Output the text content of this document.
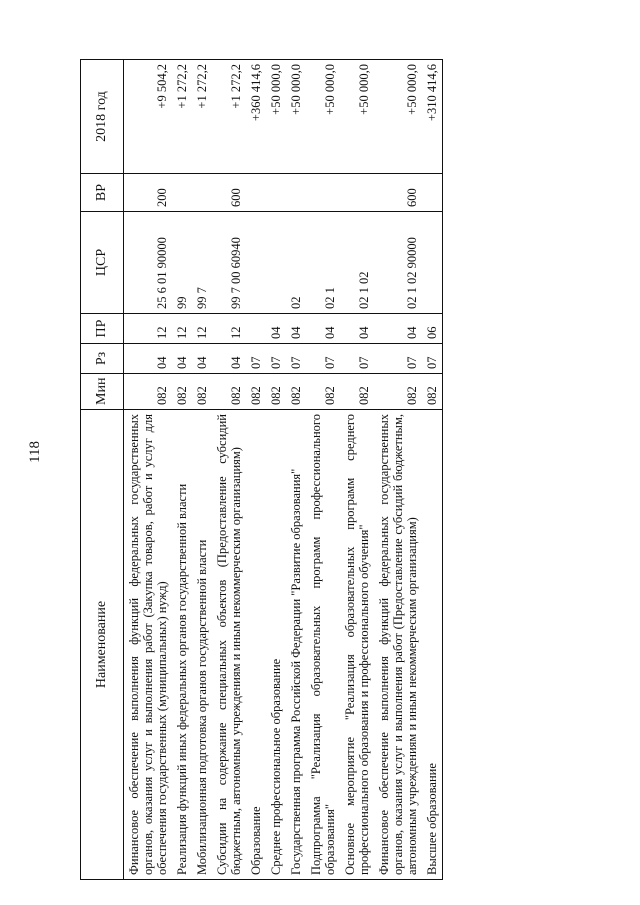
118
Наименование	Мин	Рз	ПР	ЦСР	ВР	2018 год
Финансовое обеспечение выполнения функций федеральных государственных органов, оказания услуг и выполнения работ (Закупка товаров, работ и услуг для обеспечения государственных (муниципальных) нужд)	082	04	12	25 6 01 90000	200	+9 504,2
Реализация функций иных федеральных органов государственной власти	082	04	12	99		+1 272,2
Мобилизационная подготовка органов государственной власти	082	04	12	99 7		+1 272,2
Субсидии на содержание специальных объектов (Предоставление субсидий бюджетным, автономным учреждениям и иным некоммерческим организациям)	082	04	12	99 7 00 60940	600	+1 272,2
Образование	082	07				+360 414,6
Среднее профессиональное образование	082	07	04			+50 000,0
Государственная программа Российской Федерации "Развитие образования"	082	07	04	02		+50 000,0
Подпрограмма "Реализация образовательных программ профессионального образования"	082	07	04	02 1		+50 000,0
Основное мероприятие "Реализация образовательных программ среднего профессионального образования и профессионального обучения"	082	07	04	02 1 02		+50 000,0
Финансовое обеспечение выполнения функций федеральных государственных органов, оказания услуг и выполнения работ (Предоставление субсидий бюджетным, автономным учреждениям и иным некоммерческим организациям)	082	07	04	02 1 02 90000	600	+50 000,0
Высшее образование	082	07	06			+310 414,6
